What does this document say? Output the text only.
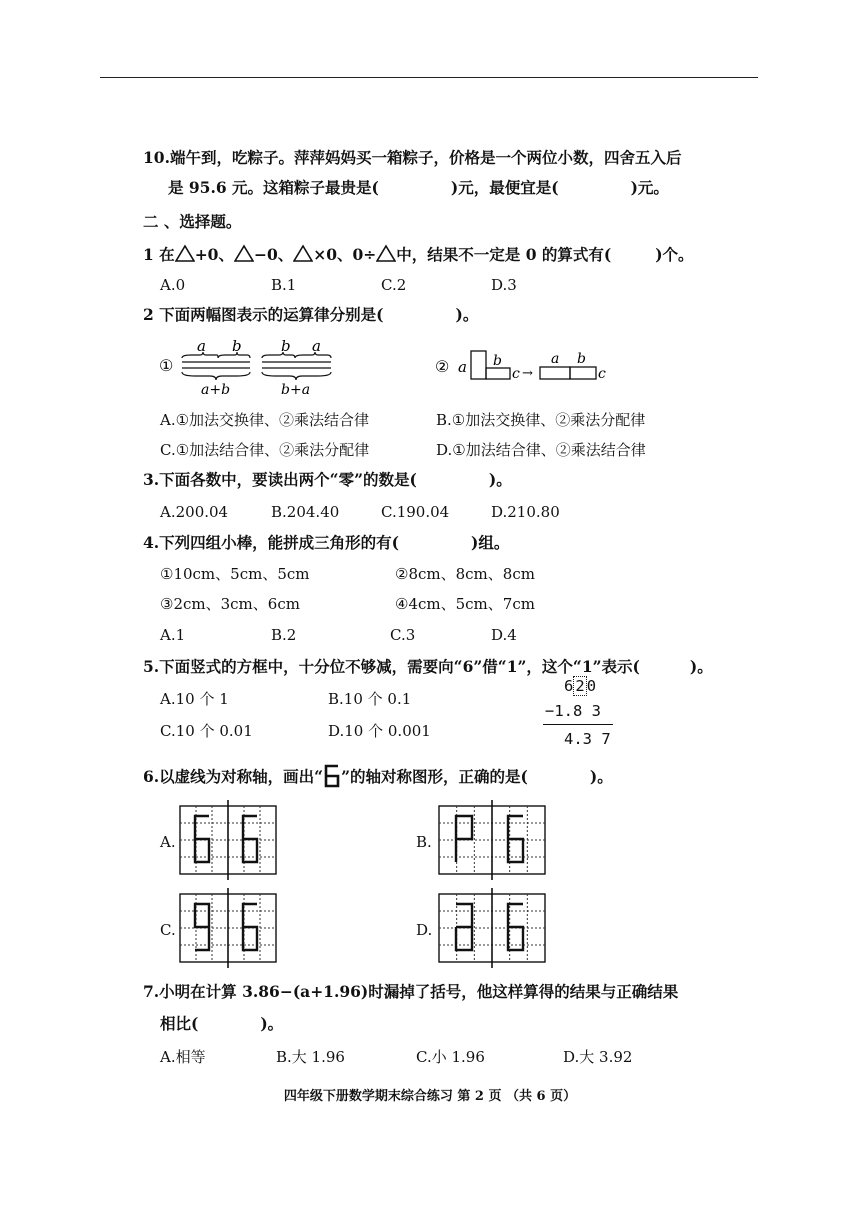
10.端午到，吃粽子。萍萍妈妈买一箱粽子，价格是一个两位小数，四舍五入后
是 95.6 元。这箱粽子最贵是(	)元，最便宜是(	)元。
二 、选择题。
1 在 +0、 −0、 ×0、0÷ 中，结果不一定是 0 的算式有(	)个。
A.0	B.1	C.2	D.3
2 下面两幅图表示的运算律分别是(	)。
①
a b
a+b
b a
b+a
② a b
c →
a b
c
A.①加法交换律、②乘法结合律	B.①加法交换律、②乘法分配律
C.①加法结合律、②乘法分配律	D.①加法结合律、②乘法结合律
3.下面各数中，要读出两个“零”的数是(	)。
A.200.04	B.204.40	C.190.04	D.210.80
4.下列四组小棒，能拼成三角形的有(	)组。
①10cm、5cm、5cm	②8cm、8cm、8cm
③2cm、3cm、6cm	④4cm、5cm、7cm
A.1	B.2	C.3	D.4
5.下面竖式的方框中，十分位不够减，需要向“6”借“1”，这个“1”表示(	)。
A.10 个 1	B.10 个 0.1
C.10 个 0.01	D.10 个 0.001
6 2 0
−1.8 3
4.3 7
6.以虚线为对称轴，画出“ ”的轴对称图形，正确的是(	)。
A.	B.
C.	D.
7.小明在计算 3.86−(a+1.96)时漏掉了括号，他这样算得的结果与正确结果
相比(	)。
A.相等	B.大 1.96	C.小 1.96	D.大 3.92
四年级下册数学期末综合练习 第 2 页 （共 6 页）
